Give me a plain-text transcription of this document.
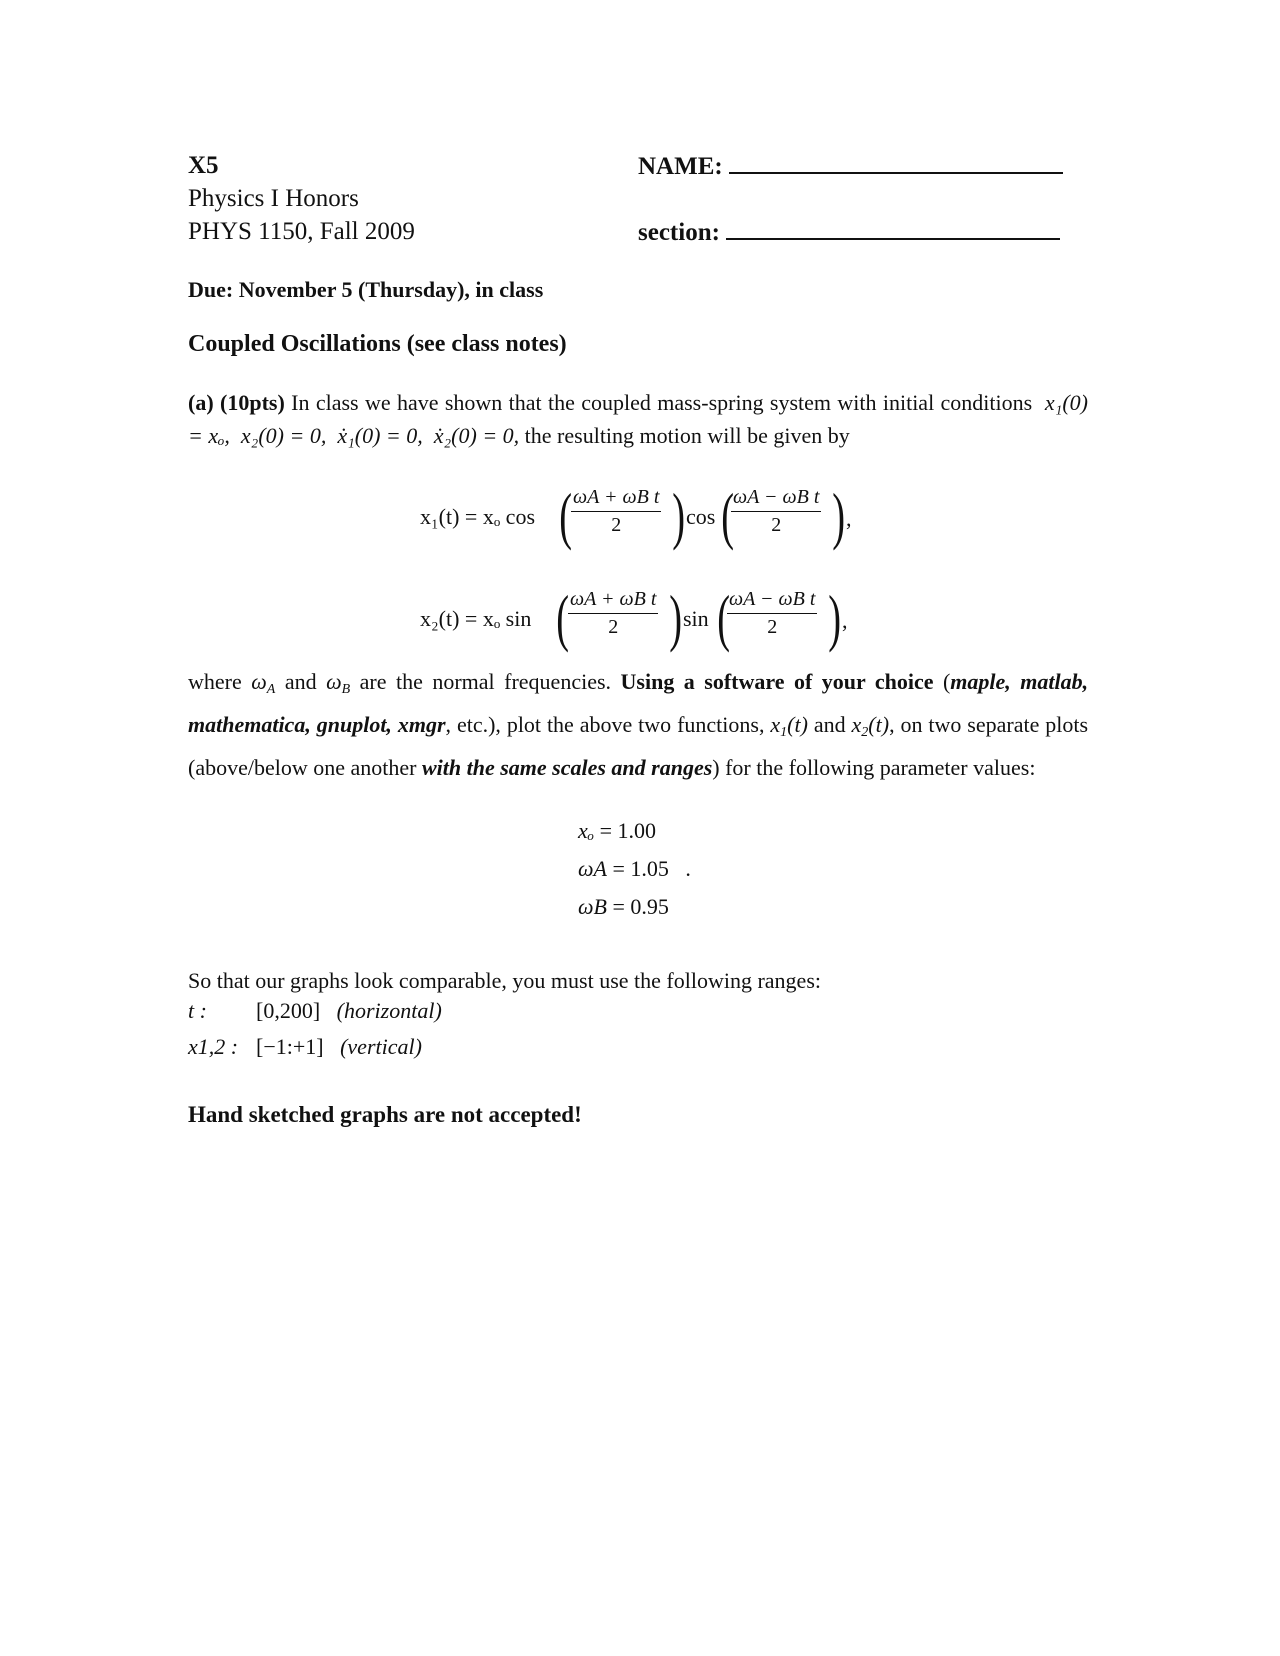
X5
Physics I Honors
PHYS 1150, Fall 2009
NAME:
section:
Due: November 5 (Thursday), in class
Coupled Oscillations (see class notes)
(a) (10pts) In class we have shown that the coupled mass-spring system with initial conditions x₁(0) = xₒ, x₂(0) = 0, ẋ₁(0) = 0, ẋ₂(0) = 0, the resulting motion will be given by
x₁(t) = xₒ cos (
$\frac{\text{ωA + ωB t}}{2}$ ) cos (
$\frac{\text{ωA − ωB t}}{2}$ ) ,
x₂(t) = xₒ sin (
$\frac{\text{ωA + ωB t}}{2}$ ) sin (
$\frac{\text{ωA − ωB t}}{2}$ ) ,
where $\omega_A$ and $\omega_B$ are the normal frequencies. Using a software of your choice (maple, matlab, mathematica, gnuplot, xmgr, etc.), plot the above two functions, x1(t) and x2(t), on two separate plots (above/below one another with the same scales and ranges) for the following parameter values:
xₒ = 1.00
ωA = 1.05   .
ωB = 0.95
So that our graphs look comparable, you must use the following ranges:
t : [0,200] (horizontal)
x1,2 : [−1:+1] (vertical)
Hand sketched graphs are not accepted!
